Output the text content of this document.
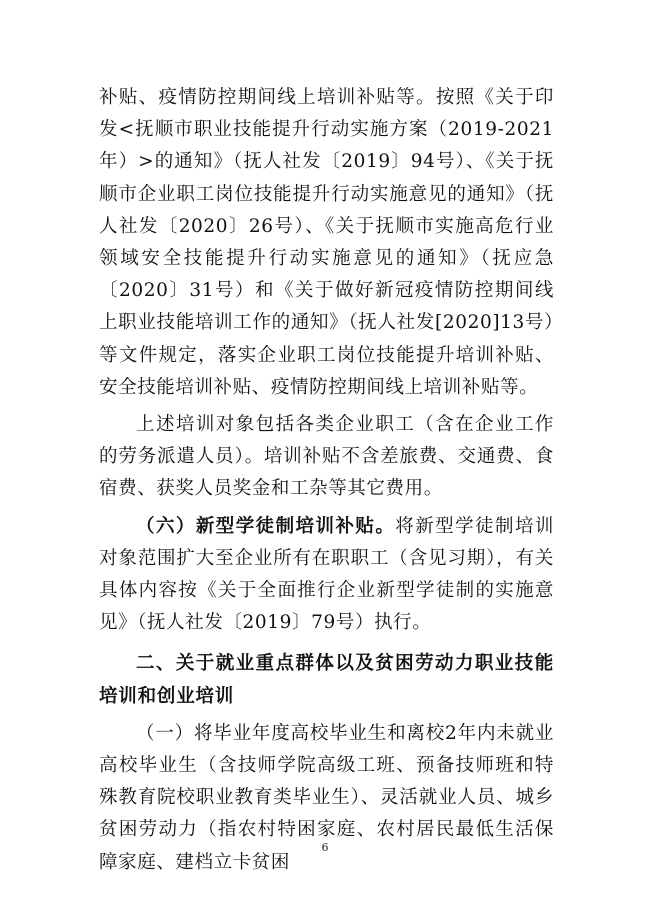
补贴、疫情防控期间线上培训补贴等。按照《关于印发<抚顺市职业技能提升行动实施方案（2019-2021年）>的通知》（抚人社发〔2019〕94号）、《关于抚顺市企业职工岗位技能提升行动实施意见的通知》（抚人社发〔2020〕26号）、《关于抚顺市实施高危行业领域安全技能提升行动实施意见的通知》（抚应急〔2020〕31号）和《关于做好新冠疫情防控期间线上职业技能培训工作的通知》（抚人社发[2020]13号）等文件规定，落实企业职工岗位技能提升培训补贴、安全技能培训补贴、疫情防控期间线上培训补贴等。

上述培训对象包括各类企业职工（含在企业工作的劳务派遣人员）。培训补贴不含差旅费、交通费、食宿费、获奖人员奖金和工杂等其它费用。

（六）新型学徒制培训补贴。将新型学徒制培训对象范围扩大至企业所有在职职工（含见习期），有关具体内容按《关于全面推行企业新型学徒制的实施意见》（抚人社发〔2019〕79号）执行。

二、关于就业重点群体以及贫困劳动力职业技能培训和创业培训

（一）将毕业年度高校毕业生和离校2年内未就业高校毕业生（含技师学院高级工班、预备技师班和特殊教育院校职业教育类毕业生）、灵活就业人员、城乡贫困劳动力（指农村特困家庭、农村居民最低生活保障家庭、建档立卡贫困

6
